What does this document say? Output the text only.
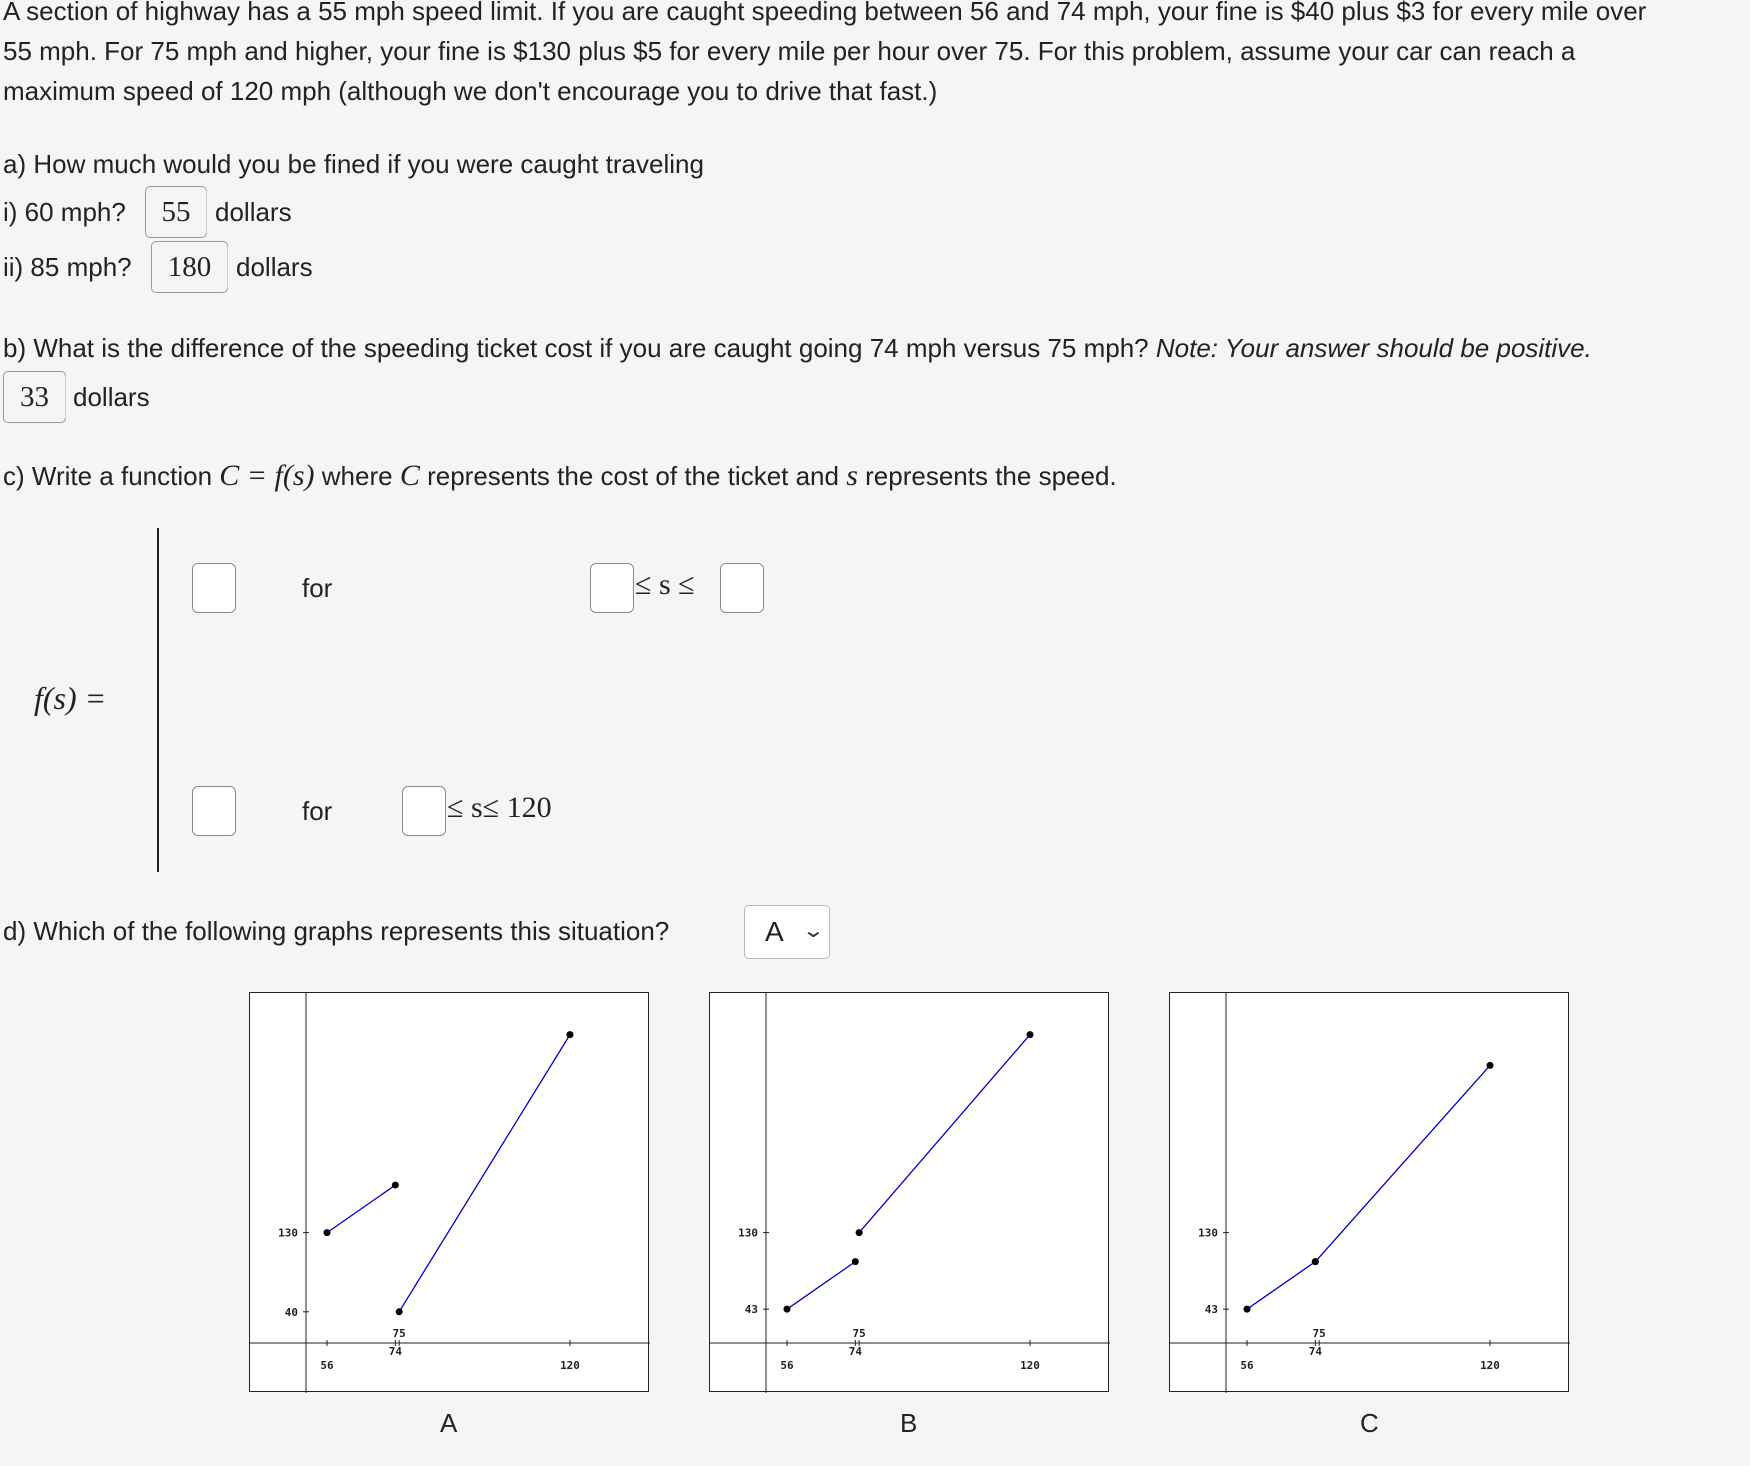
A section of highway has a 55 mph speed limit. If you are caught speeding between 56 and 74 mph, your fine is $40 plus $3 for every mile over
55 mph. For 75 mph and higher, your fine is $130 plus $5 for every mile per hour over 75. For this problem, assume your car can reach a
maximum speed of 120 mph (although we don't encourage you to drive that fast.)
a) How much would you be fined if you were caught traveling
i) 60 mph? 55 dollars
ii) 85 mph? 180 dollars
b) What is the difference of the speeding ticket cost if you are caught going 74 mph versus 75 mph? Note: Your answer should be positive.
33 dollars
c) Write a function C = f(s) where C represents the cost of the ticket and s represents the speed.
f(s) =
for	≤ s ≤
for	≤ s≤ 120
d) Which of the following graphs represents this situation?	A ⌄
56
74
75
120
130
40
56
74
75
120
130
43
56
74
75
120
130
43
A	B	C
